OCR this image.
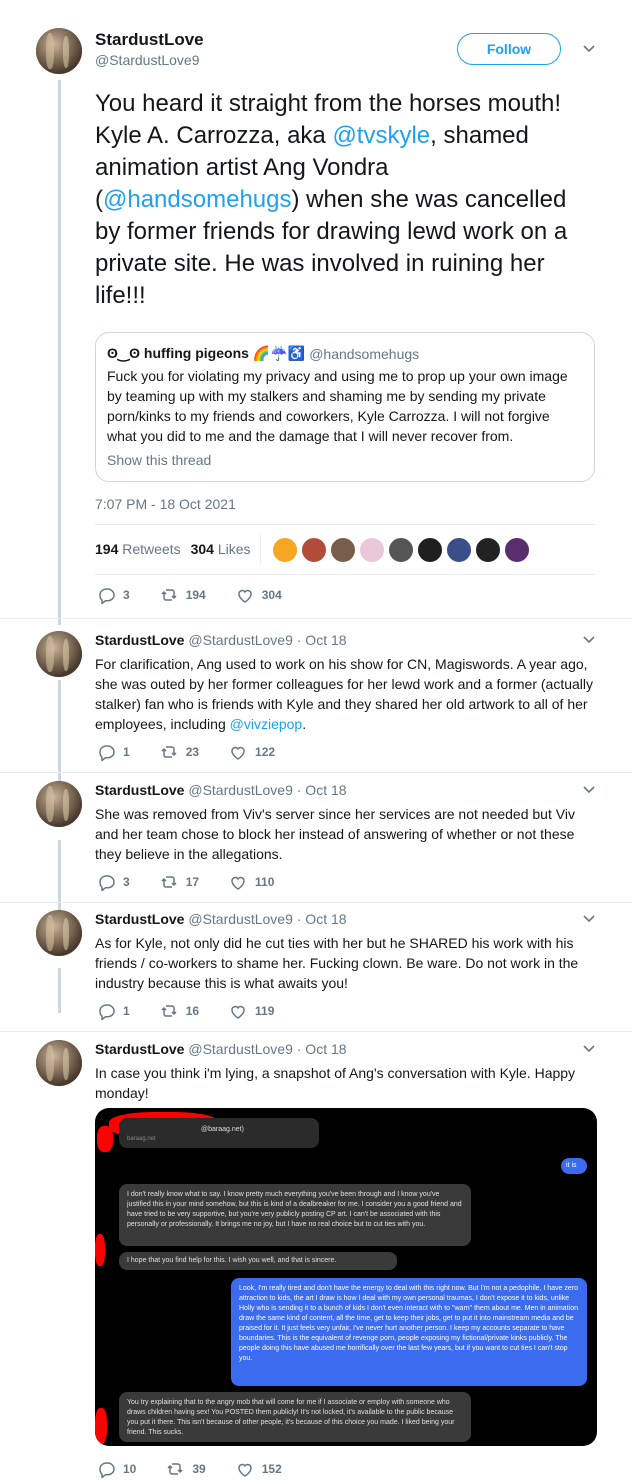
StardustLove
@StardustLove9
Follow
You heard it straight from the horses mouth! Kyle A. Carrozza, aka @tvskyle, shamed animation artist Ang Vondra (@handsomehugs) when she was cancelled by former friends for drawing lewd work on a private site. He was involved in ruining her life!!!
ʘ‿ʘ huffing pigeons 🌈☔♿ @handsomehugs
Fuck you for violating my privacy and using me to prop up your own image by teaming up with my stalkers and shaming me by sending my private porn/kinks to my friends and coworkers, Kyle Carrozza. I will not forgive what you did to me and the damage that I will never recover from.
Show this thread
7:07 PM - 18 Oct 2021
194 Retweets 304 Likes
3	194	304
StardustLove @StardustLove9 · Oct 18
For clarification, Ang used to work on his show for CN, Magiswords. A year ago, she was outed by her former colleagues for her lewd work and a former (actually stalker) fan who is friends with Kyle and they shared her old artwork to all of her employees, including @vivziepop.
1	23	122
StardustLove @StardustLove9 · Oct 18
She was removed from Viv's server since her services are not needed but Viv and her team chose to block her instead of answering of whether or not these they believe in the allegations.
3	17	110
StardustLove @StardustLove9 · Oct 18
As for Kyle, not only did he cut ties with her but he SHARED his work with his friends / co-workers to shame her. Fucking clown. Be ware. Do not work in the industry because this is what awaits you!
1	16	119
StardustLove @StardustLove9 · Oct 18
In case you think i'm lying, a snapshot of Ang's conversation with Kyle. Happy monday!
10	39	152
@baraag.net)
baraag.net
it is
I don't really know what to say. I know pretty much everything you've been through and I know you've justified this in your mind somehow, but this is kind of a dealbreaker for me. I consider you a good friend and have tried to be very supportive, but you're very publicly posting CP art. I can't be associated with this personally or professionally. It brings me no joy, but I have no real choice but to cut ties with you.
I hope that you find help for this. I wish you well, and that is sincere.
Look, I'm really tired and don't have the energy to deal with this right now. But I'm not a pedophile, I have zero attraction to kids, the art I draw is how I deal with my own personal traumas, I don't expose it to kids, unlike Holly who is sending it to a bunch of kids I don't even interact with to "warn" them about me. Men in animation draw the same kind of content, all the time, get to keep their jobs, get to put it into mainstream media and be praised for it. It just feels very unfair, I've never hurt another person. I keep my accounts separate to have boundaries. This is the equivalent of revenge porn, people exposing my fictional/private kinks publicly. The people doing this have abused me horrifically over the last few years, but if you want to cut ties I can't stop you.
You try explaining that to the angry mob that will come for me if I associate or employ with someone who draws children having sex! You POSTED them publicly! It's not locked, it's available to the public because you put it there. This isn't because of other people, it's because of this choice you made. I liked being your friend. This sucks.
